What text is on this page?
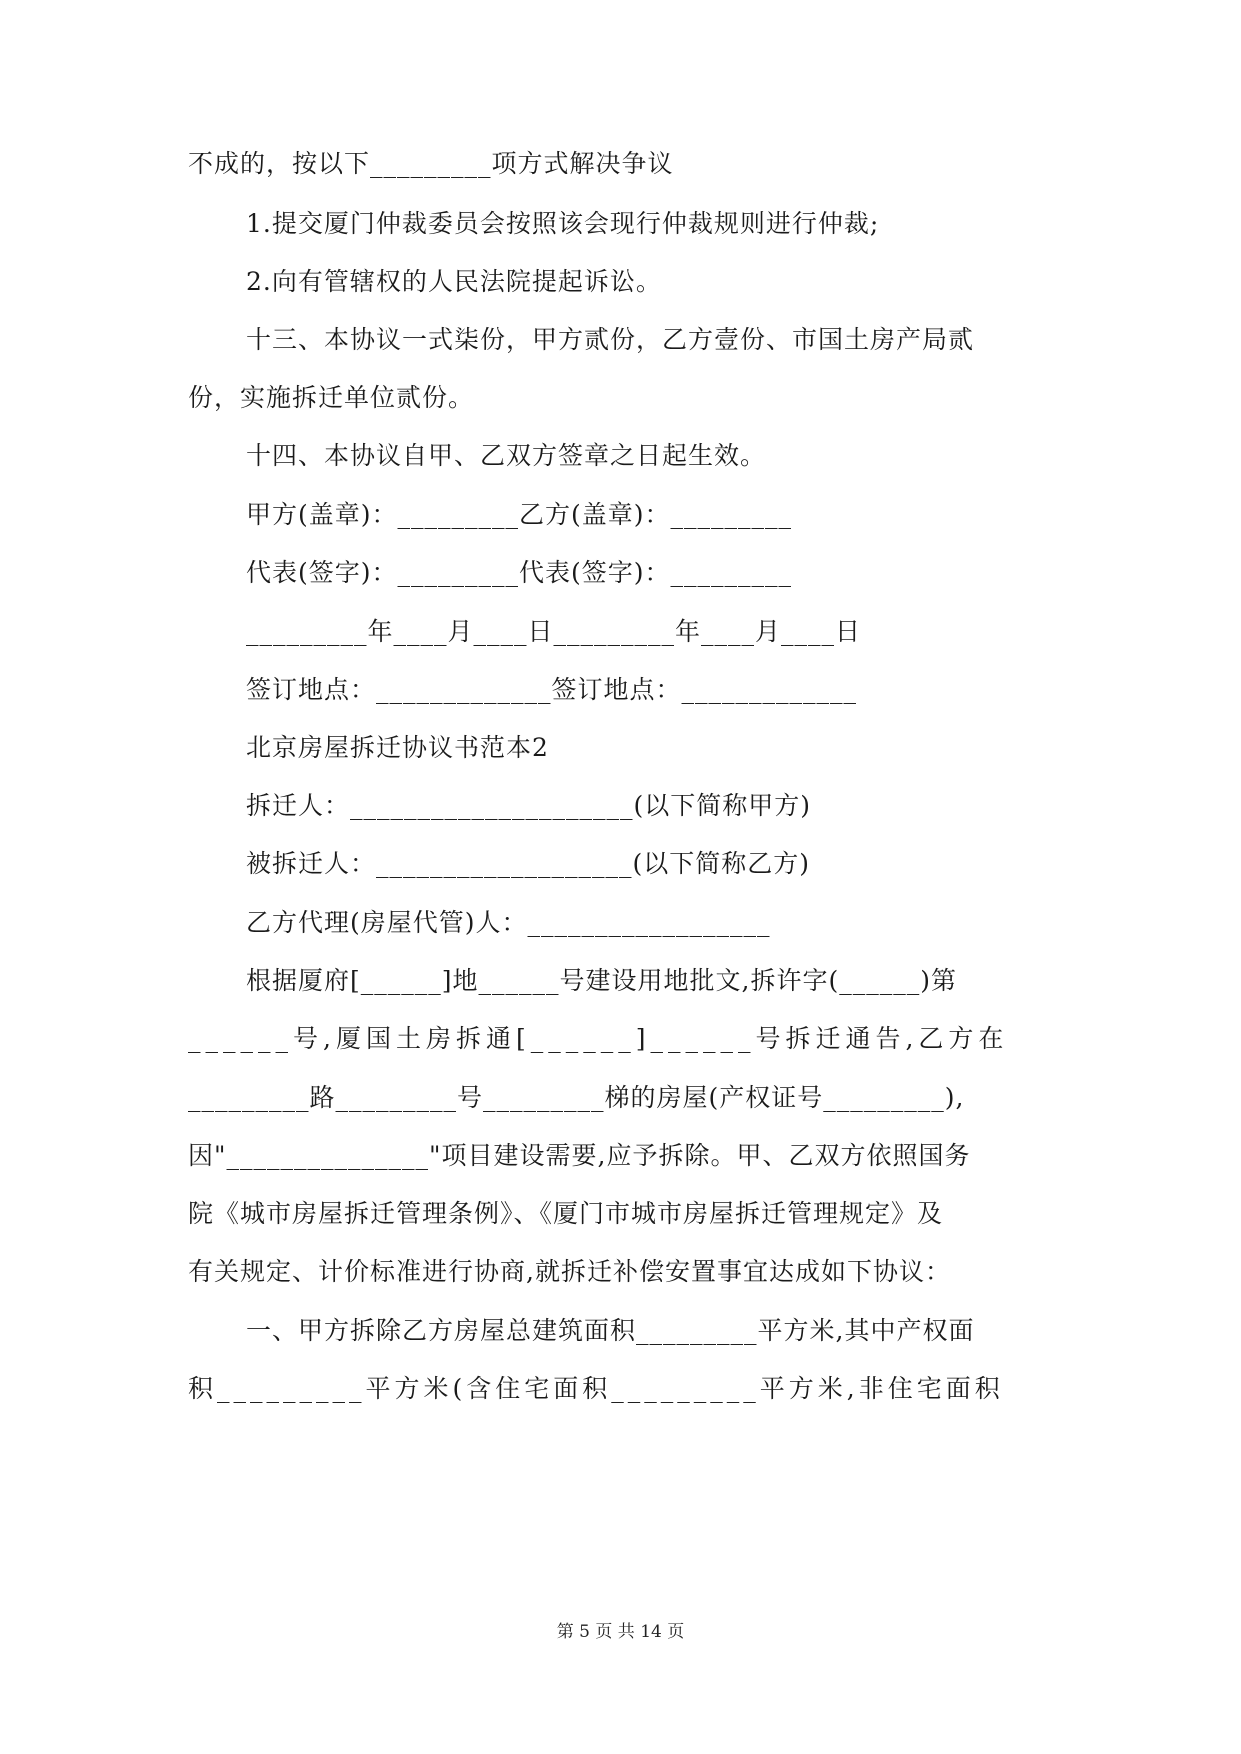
不成的，按以下_________项方式解决争议
1.提交厦门仲裁委员会按照该会现行仲裁规则进行仲裁;
2.向有管辖权的人民法院提起诉讼。
十三、本协议一式柒份，甲方贰份，乙方壹份、市国土房产局贰
份，实施拆迁单位贰份。
十四、本协议自甲、乙双方签章之日起生效。
甲方(盖章)：_________乙方(盖章)：_________
代表(签字)：_________代表(签字)：_________
_________年____月____日_________年____月____日
签订地点：_____________签订地点：_____________
北京房屋拆迁协议书范本2
拆迁人：_____________________(以下简称甲方)
被拆迁人：___________________(以下简称乙方)
乙方代理(房屋代管)人：__________________
根据厦府[______]地______号建设用地批文,拆许字(______)第
______号,厦国土房拆通[______]______号拆迁通告,乙方在
_________路_________号_________梯的房屋(产权证号_________),
因"_______________"项目建设需要,应予拆除。甲、乙双方依照国务
院《城市房屋拆迁管理条例》、《厦门市城市房屋拆迁管理规定》及
有关规定、计价标准进行协商,就拆迁补偿安置事宜达成如下协议：
一、甲方拆除乙方房屋总建筑面积_________平方米,其中产权面
积_________平方米(含住宅面积_________平方米,非住宅面积
第 5 页 共 14 页
